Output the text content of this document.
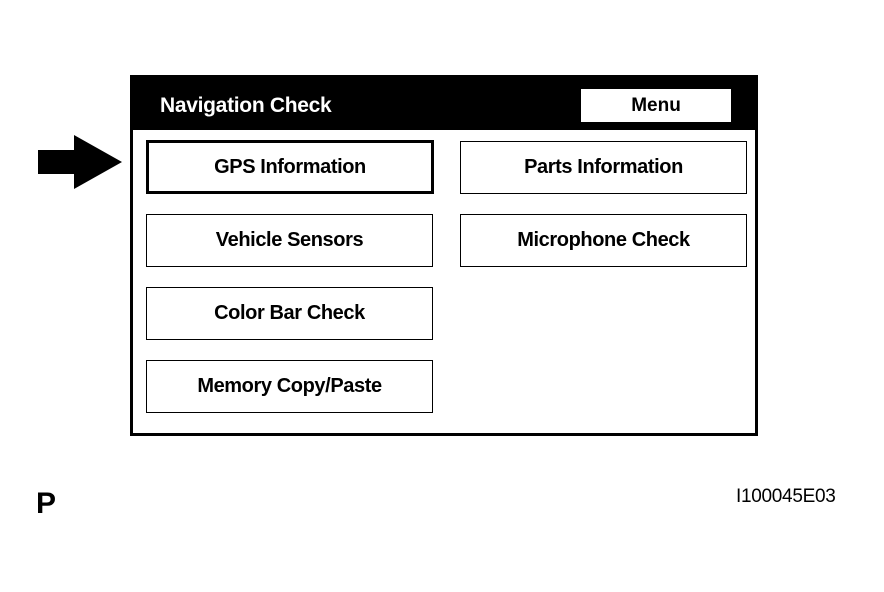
Navigation Check	Menu
GPS Information	Parts Information
Vehicle Sensors	Microphone Check
Color Bar Check
Memory Copy/Paste
P	I100045E03
